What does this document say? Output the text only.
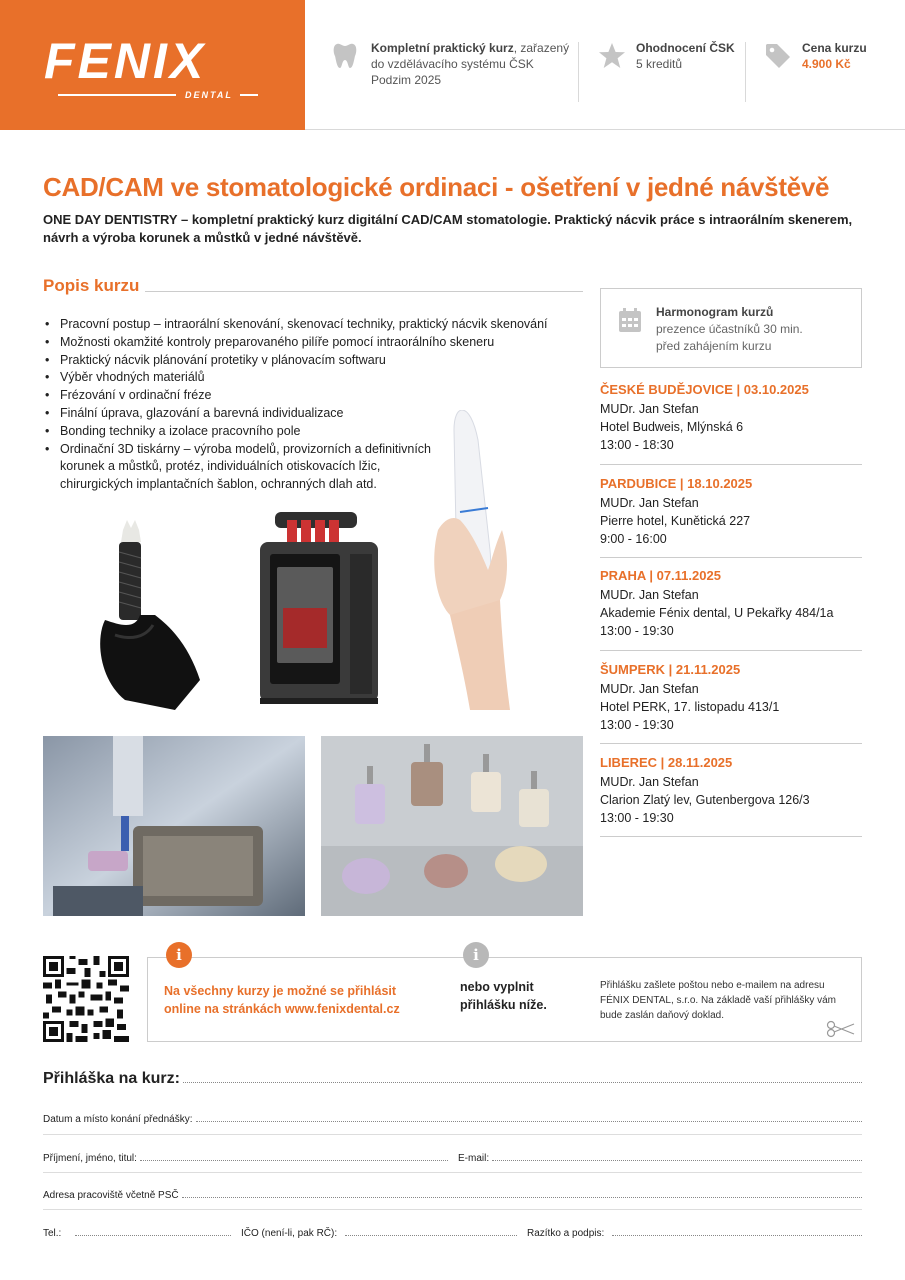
FENIX
DENTAL
Kompletní praktický kurz, zařazený
do vzdělávacího systému ČSK
Podzim 2025
Ohodnocení ČSK
5 kreditů
Cena kurzu
4.900 Kč
CAD/CAM ve stomatologické ordinaci - ošetření v jedné návštěvě
ONE DAY DENTISTRY – kompletní praktický kurz digitální CAD/CAM stomatologie. Praktický nácvik práce s intraorálním skenerem, návrh a výroba korunek a můstků v jedné návštěvě.
Popis kurzu
• Pracovní postup – intraorální skenování, skenovací techniky, praktický nácvik skenování
• Možnosti okamžité kontroly preparovaného pilíře pomocí intraorálního skeneru
• Praktický nácvik plánování protetiky v plánovacím softwaru
• Výběr vhodných materiálů
• Frézování v ordinační fréze
• Finální úprava, glazování a barevná individualizace
• Bonding techniky a izolace pracovního pole
• Ordinační 3D tiskárny – výroba modelů, provizorních a definitivních korunek a můstků, protéz, individuálních otiskovacích lžic, chirurgických implantačních šablon, ochranných dlah atd.
Harmonogram kurzů
prezence účastníků 30 min.
před zahájením kurzu
ČESKÉ BUDĚJOVICE | 03.10.2025
MUDr. Jan Stefan
Hotel Budweis, Mlýnská 6
13:00 - 18:30
PARDUBICE | 18.10.2025
MUDr. Jan Stefan
Pierre hotel, Kunětická 227
9:00 - 16:00
PRAHA | 07.11.2025
MUDr. Jan Stefan
Akademie Fénix dental, U Pekařky 484/1a
13:00 - 19:30
ŠUMPERK | 21.11.2025
MUDr. Jan Stefan
Hotel PERK, 17. listopadu 413/1
13:00 - 19:30
LIBEREC | 28.11.2025
MUDr. Jan Stefan
Clarion Zlatý lev, Gutenbergova 126/3
13:00 - 19:30
i	i
Na všechny kurzy je možné se přihlásit
online na stránkách www.fenixdental.cz
nebo vyplnit
přihlášku níže.
Přihlášku zašlete poštou nebo e-mailem na adresu FÉNIX DENTAL, s.r.o. Na základě vaší přihlášky vám bude zaslán daňový doklad.
Přihláška na kurz:
Datum a místo konání přednášky:
Příjmení, jméno, titul:	E-mail:
Adresa pracoviště včetně PSČ
Tel.:	IČO (není-li, pak RČ):	Razítko a podpis:
